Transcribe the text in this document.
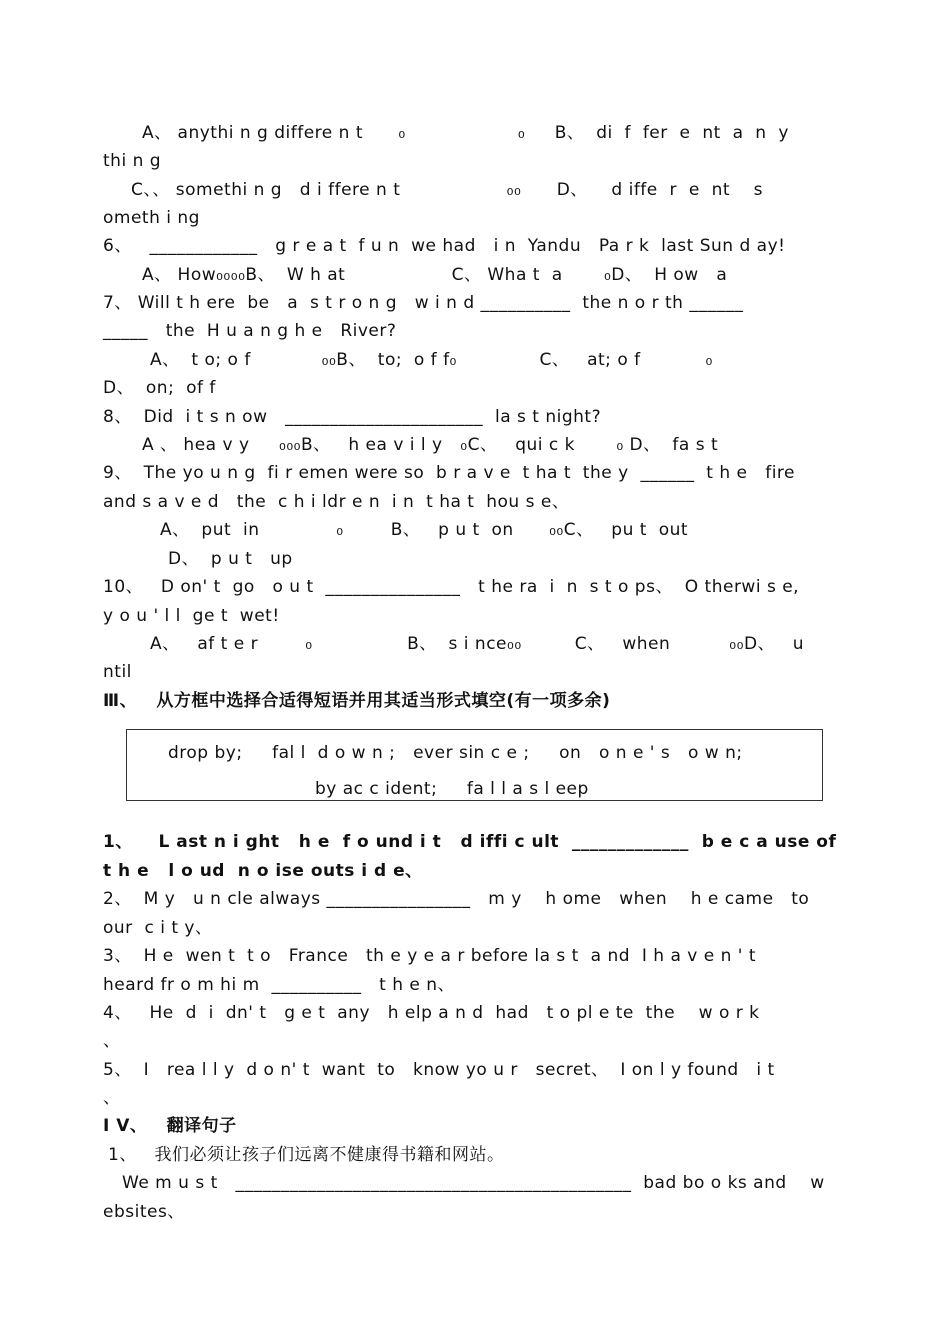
A、 anythi n g differe n t      ₀                   ₀     B、  di  f  fer  e  nt  a  n  y
thi n g
C、、 somethi n g   d i ffere n t                  ₀₀      D、    d iffe  r  e  nt    s
ometh i ng
6、   ____________   g r e a t  f u n  we had   i n  Yandu   Pa r k  last Sun d ay!
A、 How₀₀₀₀B、  W h at                  C、 Wha t  a       ₀D、  H ow   a
7、 Will t h ere  be   a  s t r o n g   w i n d __________  the n o r th ______
_____   the  H u a n g h e   River?
A、  t o; o f            ₀₀B、  to;  o f f₀              C、   at; o f           ₀
D、  on;  of f
8、  Did  i t s n ow   ______________________  la s t night?
A 、 hea v y     ₀₀₀B、   h ea v i l y   ₀C、   qui c k       ₀ D、  fa s t
9、  The yo u n g  fi r emen were so  b r a v e  t ha t  the y  ______  t h e   fire
and s a v e d   the  c h i ldr e n  i n  t ha t  hou s e、
A、  put  in             ₀        B、   p u t  on      ₀₀C、   pu t  out
D、  p u t   up
10、   D on' t  go   o u t  _______________   t he ra  i  n  s t o ps、  O therwi s e,
y o u ' l l  ge t  wet!
A、   af t e r        ₀                B、  s i nce₀₀         C、   when          ₀₀D、   u
ntil
Ⅲ、   从方框中选择合适得短语并用其适当形式填空(有一项多余)
drop by;     fal l  d o w n ;   ever sin c e ;     on   o n e ' s   o w n;
by ac c ident;     fa l l a s l eep
1、    L ast n i ght   h e  f o und i t   d iffi c ult  _____________  b e c a use of
t h e   l o ud  n o ise outs i d e、
2、  M y   u n cle always ________________   m y    h ome   when    h e came   to
our  c i t y、
3、  H e  wen t  t o   France   th e y e a r before la s t  a nd  I h a v e n ' t
heard fr o m hi m  __________   t h e n、
4、   He  d  i  dn' t   g e t  any   h elp a n d  had   t o pl e te  the    w o r k
、
5、  I   rea l l y  d o n' t  want  to   know yo u r   secret、  I on l y found   i t
、
Ⅰ V、   翻译句子
1、   我们必须让孩子们远离不健康得书籍和网站。
We m u s t   ____________________________________________  bad bo o ks and    w
ebsites、
